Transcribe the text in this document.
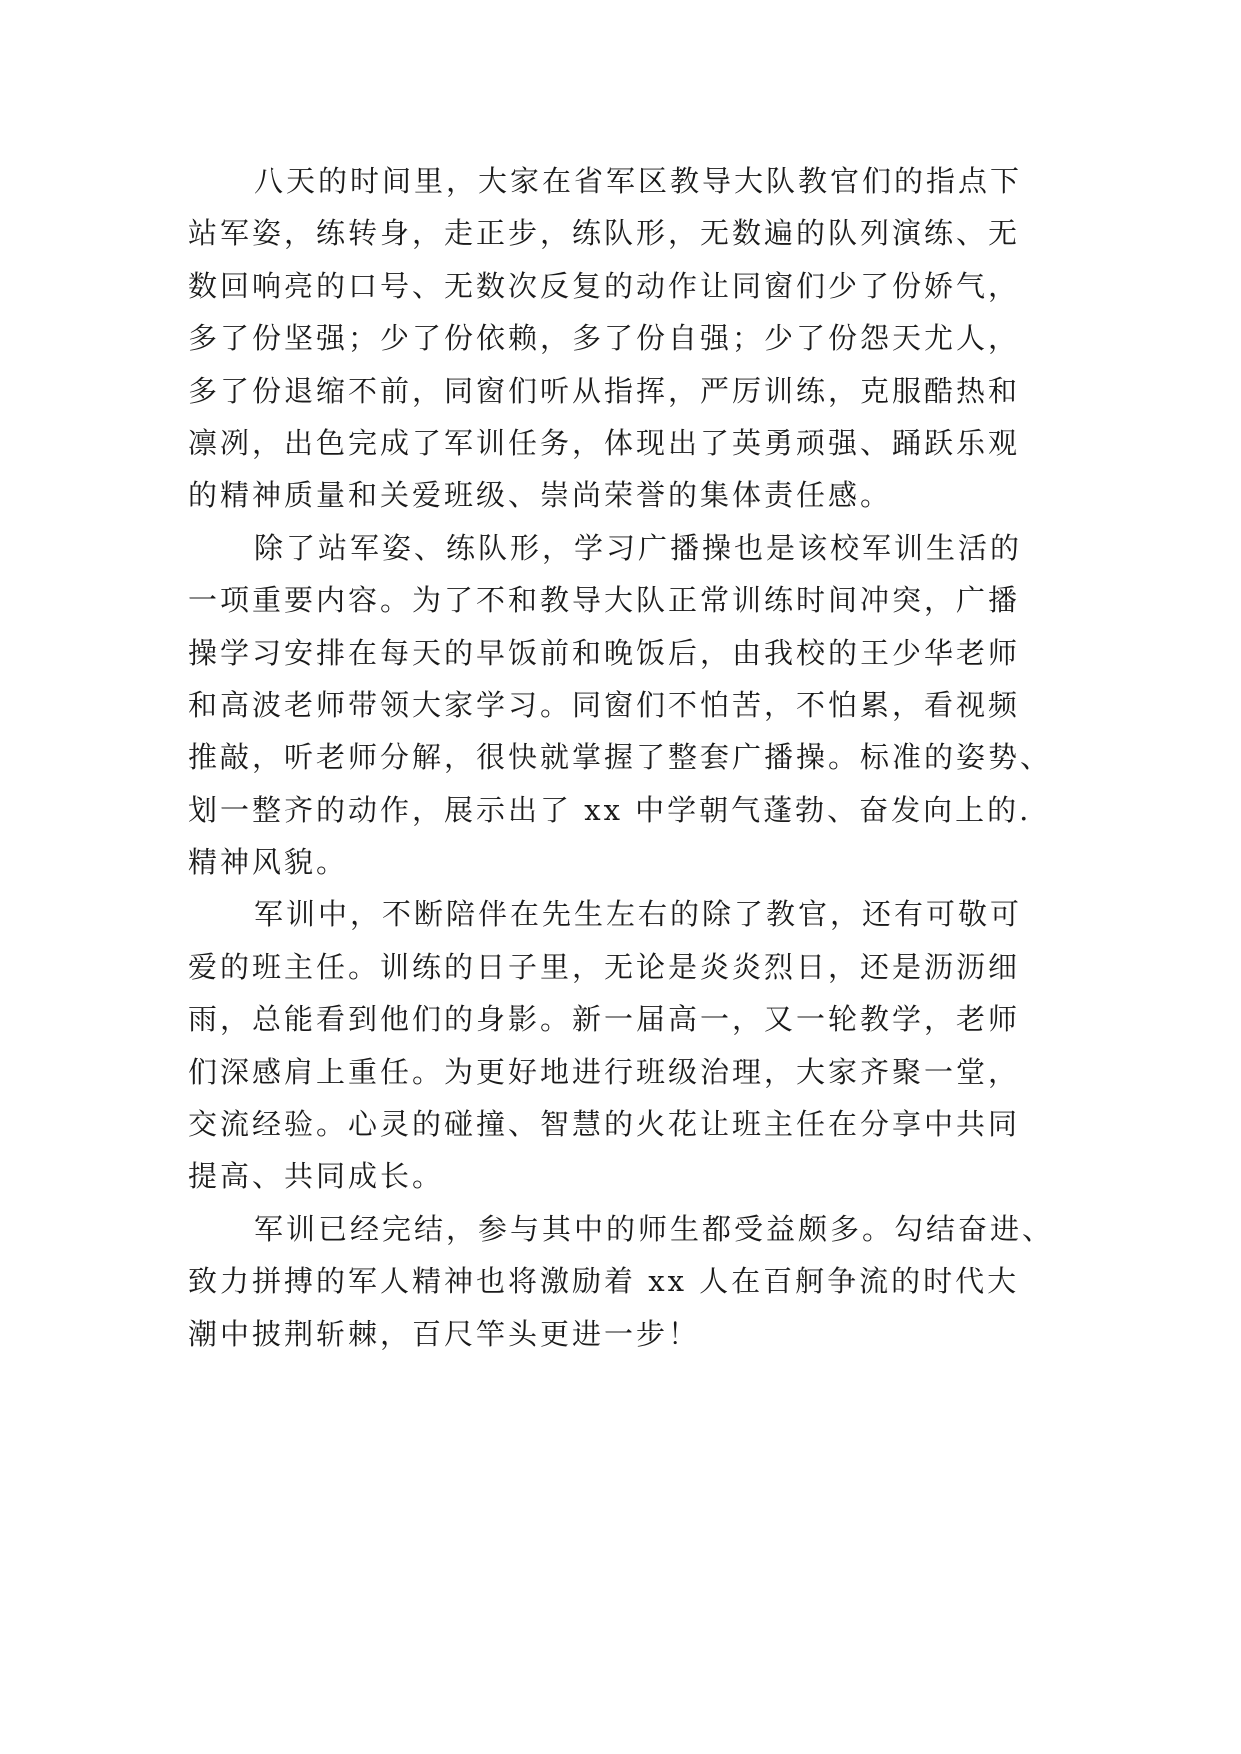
八天的时间里，大家在省军区教导大队教官们的指点下
站军姿，练转身，走正步，练队形，无数遍的队列演练、无
数回响亮的口号、无数次反复的动作让同窗们少了份娇气，
多了份坚强；少了份依赖，多了份自强；少了份怨天尤人，
多了份退缩不前，同窗们听从指挥，严厉训练，克服酷热和
凛冽，出色完成了军训任务，体现出了英勇顽强、踊跃乐观
的精神质量和关爱班级、崇尚荣誉的集体责任感。
除了站军姿、练队形，学习广播操也是该校军训生活的
一项重要内容。为了不和教导大队正常训练时间冲突，广播
操学习安排在每天的早饭前和晚饭后，由我校的王少华老师
和高波老师带领大家学习。同窗们不怕苦，不怕累，看视频
推敲，听老师分解，很快就掌握了整套广播操。标准的姿势、
划一整齐的动作，展示出了 xx 中学朝气蓬勃、奋发向上的.
精神风貌。
军训中，不断陪伴在先生左右的除了教官，还有可敬可
爱的班主任。训练的日子里，无论是炎炎烈日，还是沥沥细
雨，总能看到他们的身影。新一届高一，又一轮教学，老师
们深感肩上重任。为更好地进行班级治理，大家齐聚一堂，
交流经验。心灵的碰撞、智慧的火花让班主任在分享中共同
提高、共同成长。
军训已经完结，参与其中的师生都受益颇多。勾结奋进、
致力拼搏的军人精神也将激励着 xx 人在百舸争流的时代大
潮中披荆斩棘，百尺竿头更进一步！
